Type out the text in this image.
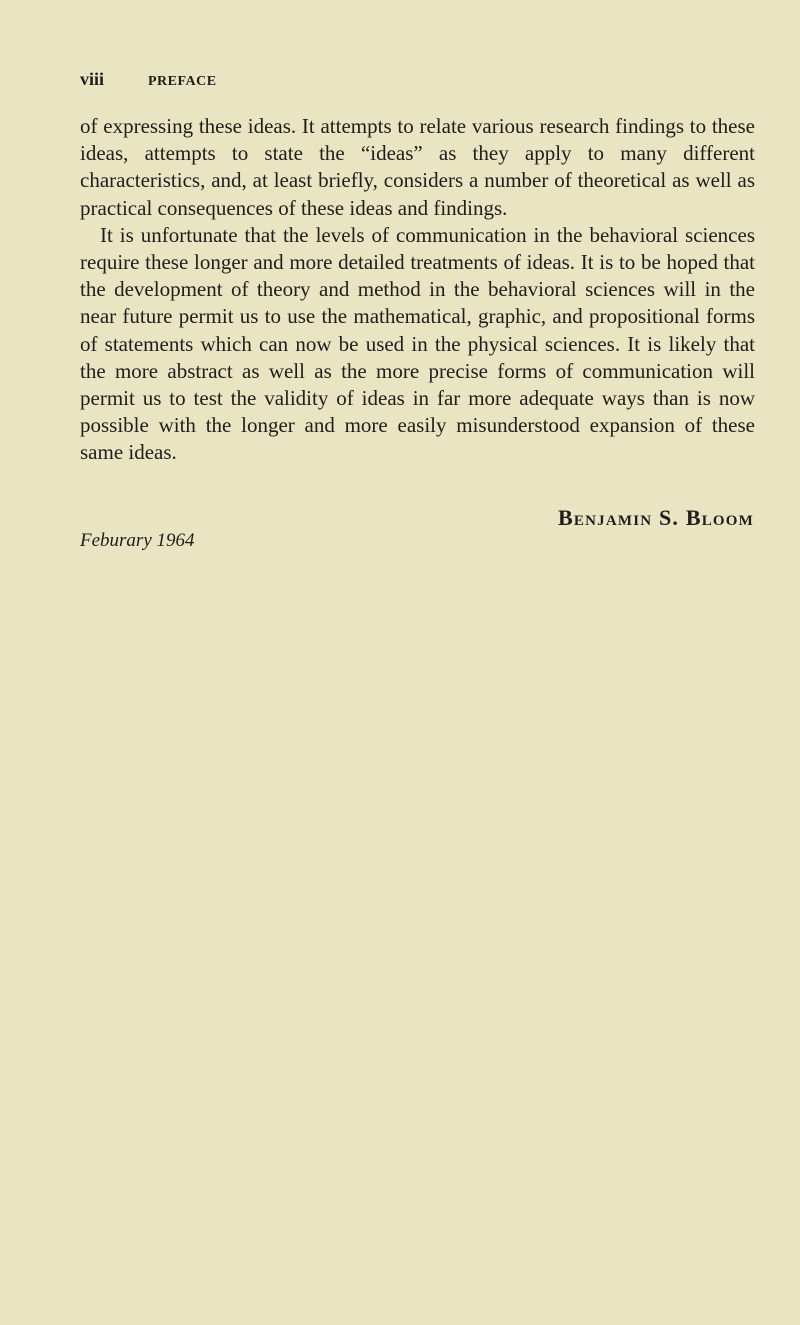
viii	PREFACE

of expressing these ideas. It attempts to relate various research findings to these ideas, attempts to state the “ideas” as they apply to many different characteristics, and, at least briefly, considers a number of theoretical as well as practical consequences of these ideas and findings.

It is unfortunate that the levels of communication in the behavioral sciences require these longer and more detailed treatments of ideas. It is to be hoped that the development of theory and method in the behavioral sciences will in the near future permit us to use the mathematical, graphic, and propositional forms of statements which can now be used in the physical sciences. It is likely that the more abstract as well as the more precise forms of communication will permit us to test the validity of ideas in far more adequate ways than is now possible with the longer and more easily misunderstood expansion of these same ideas.

Benjamin S. Bloom
Feburary 1964
